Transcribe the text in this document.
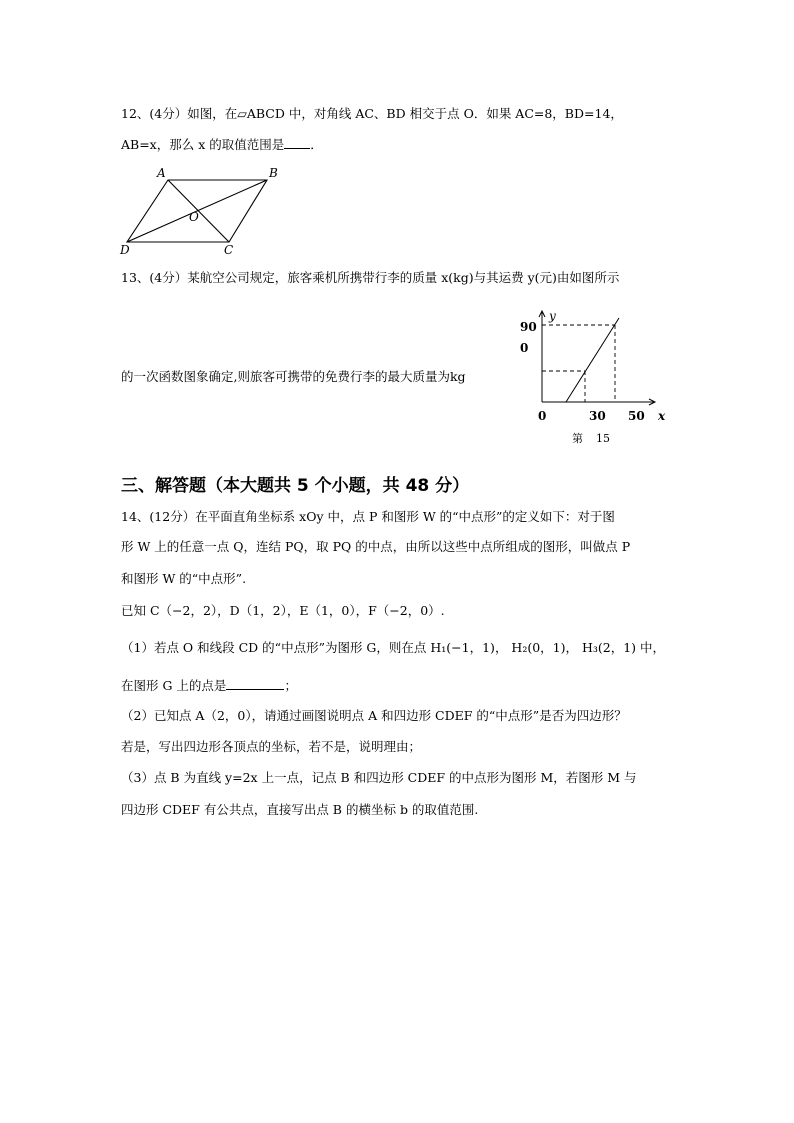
12、(4分）如图，在▱ABCD 中，对角线 AC、BD 相交于点 O．如果 AC=8，BD=14，
AB=x，那么 x 的取值范围是 ．
A	B
C
D
O
13、(4分）某航空公司规定，旅客乘机所携带行李的质量 x(kg)与其运费 y(元)由如图所示
的一次函数图象确定,则旅客可携带的免费行李的最大质量为kg
y
90
0
0	30 50 x
第 15
三、解答题（本大题共 5 个小题，共 48 分）
14、(12分）在平面直角坐标系 xOy 中，点 P 和图形 W 的“中点形”的定义如下：对于图
形 W 上的任意一点 Q，连结 PQ，取 PQ 的中点，由所以这些中点所组成的图形，叫做点 P
和图形 W 的“中点形”.
已知 C（−2，2），D（1，2），E（1，0），F（−2，0）.
（1）若点 O 和线段 CD 的“中点形”为图形 G，则在点 H₁(−1，1)， H₂(0，1)， H₃(2，1) 中，
在图形 G 上的点是	；
（2）已知点 A（2，0），请通过画图说明点 A 和四边形 CDEF 的“中点形”是否为四边形？
若是，写出四边形各顶点的坐标，若不是，说明理由；
（3）点 B 为直线 y=2x 上一点，记点 B 和四边形 CDEF 的中点形为图形 M，若图形 M 与
四边形 CDEF 有公共点，直接写出点 B 的横坐标 b 的取值范围.
